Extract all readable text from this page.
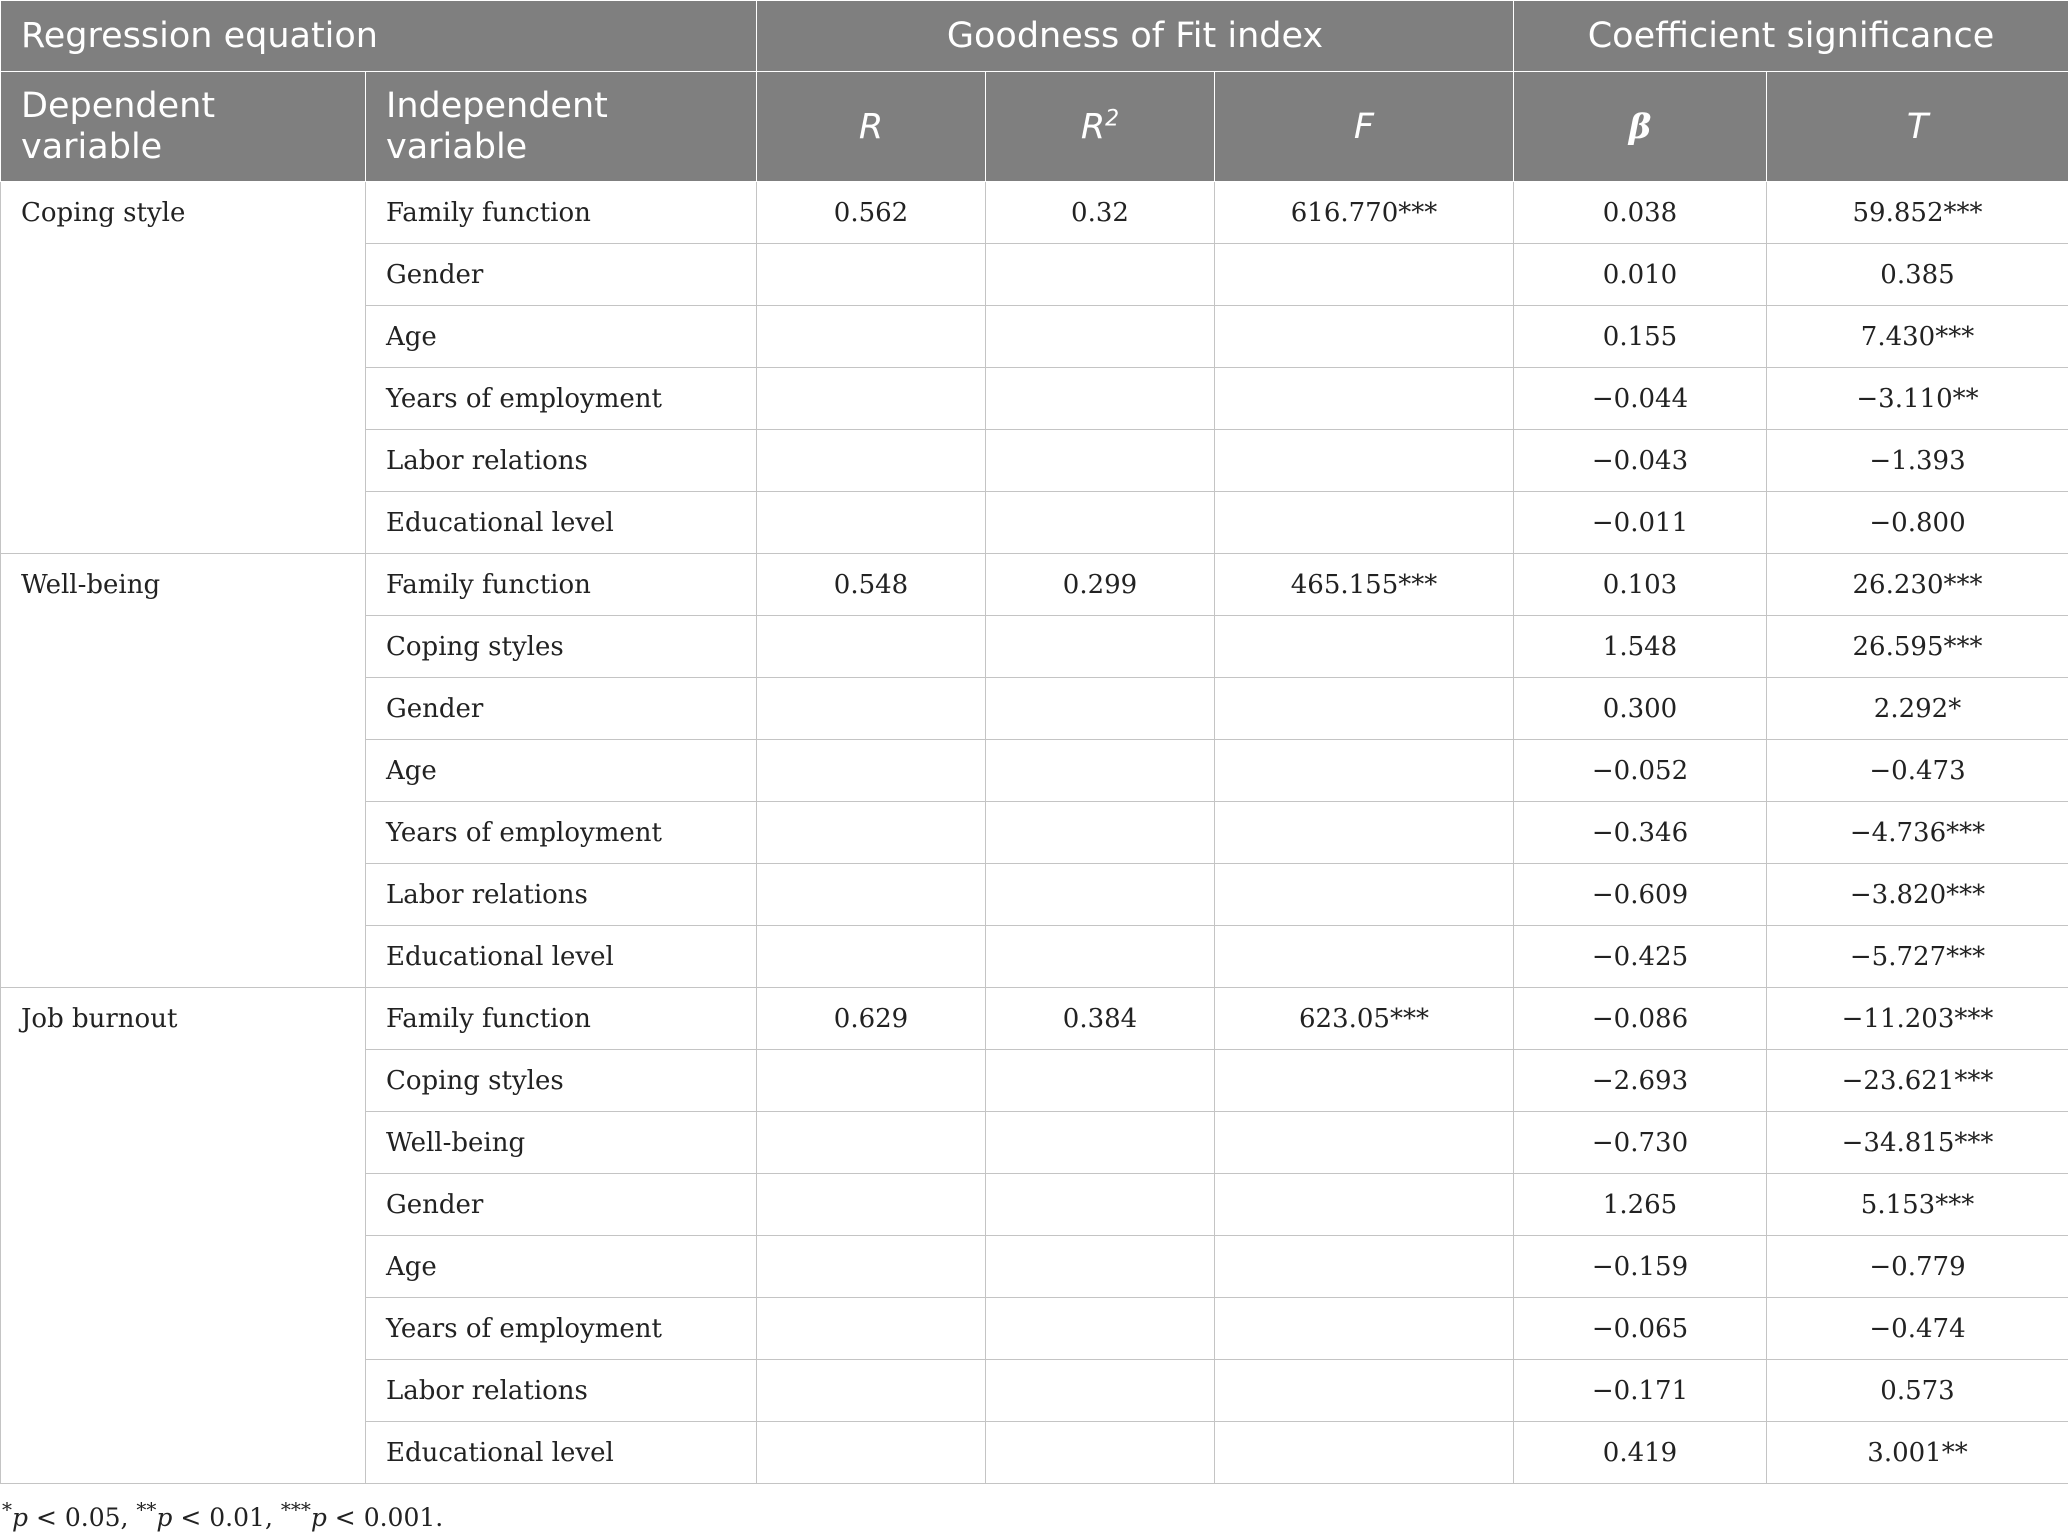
Regression equation		Goodness of Fit index			Coefficient significance	
Dependent variable	Independent variable	R	$R^2$	F	β	T
Coping style	Family function	0.562	0.32	616.770***	0.038	59.852***
	Gender				0.010	0.385
	Age				0.155	7.430***
	Years of employment				−0.044	−3.110**
	Labor relations				−0.043	−1.393
	Educational level				−0.011	−0.800
Well-being	Family function	0.548	0.299	465.155***	0.103	26.230***
	Coping styles				1.548	26.595***
	Gender				0.300	2.292*
	Age				−0.052	−0.473
	Years of employment				−0.346	−4.736***
	Labor relations				−0.609	−3.820***
	Educational level				−0.425	−5.727***
Job burnout	Family function	0.629	0.384	623.05***	−0.086	−11.203***
	Coping styles				−2.693	−23.621***
	Well-being				−0.730	−34.815***
	Gender				1.265	5.153***
	Age				−0.159	−0.779
	Years of employment				−0.065	−0.474
	Labor relations				−0.171	0.573
	Educational level				0.419	3.001**
*p < 0.05, **p < 0.01, ***p < 0.001.
